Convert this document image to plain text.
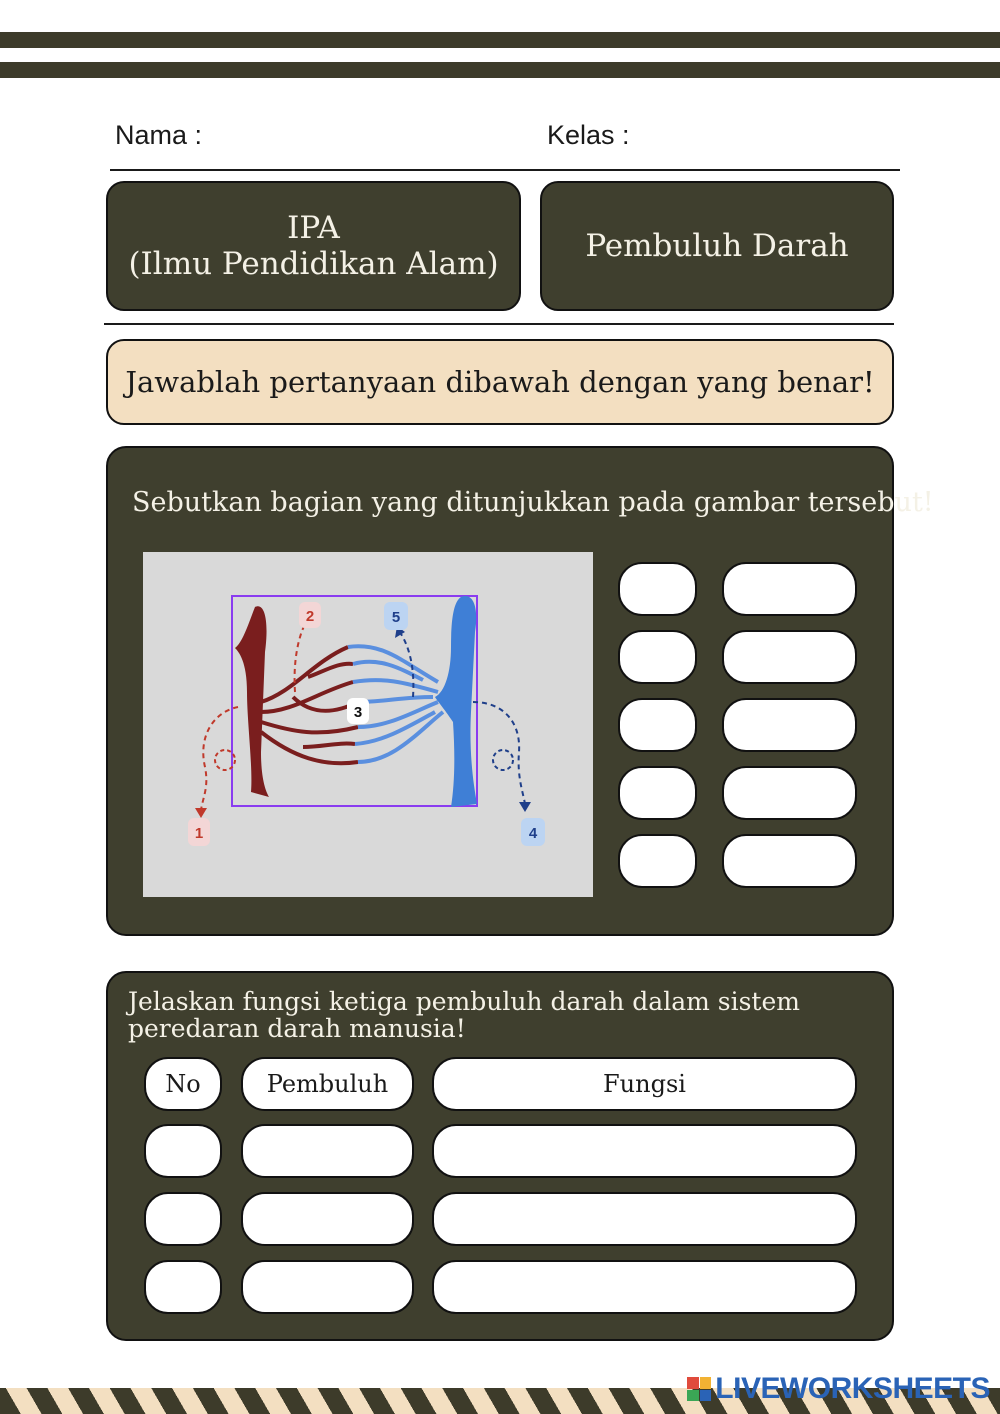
Nama :	Kelas :
IPA
(Ilmu Pendidikan Alam)	Pembuluh Darah
Jawablah pertanyaan dibawah dengan yang benar!
Sebutkan bagian yang ditunjukkan pada gambar tersebut!
1
2
3
4
5
Jelaskan fungsi ketiga pembuluh darah dalam sistem peredaran darah manusia!
No	Pembuluh	Fungsi
LIVEWORKSHEETS
